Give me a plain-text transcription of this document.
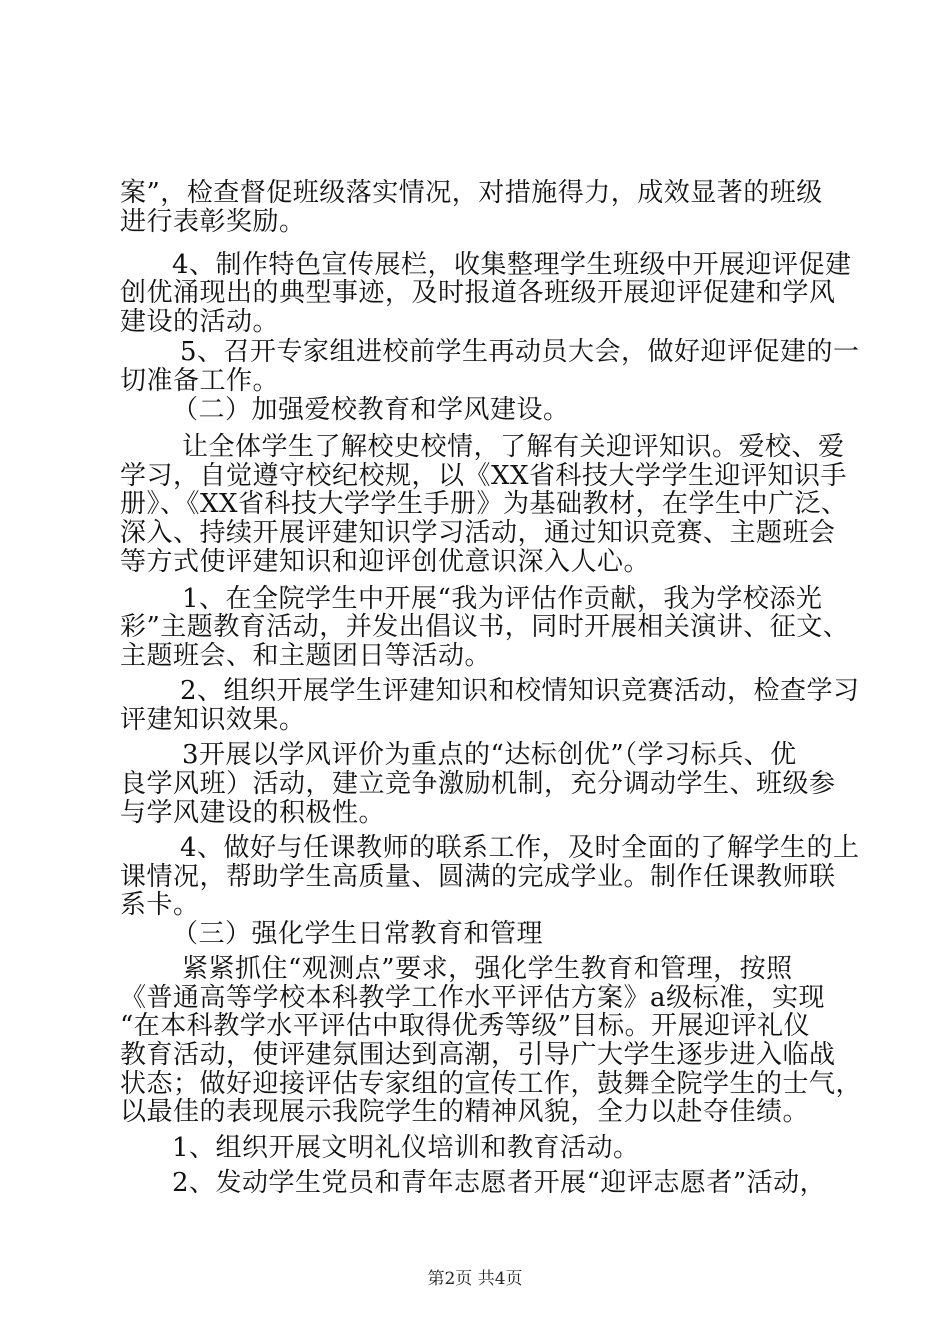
案”，检查督促班级落实情况，对措施得力，成效显著的班级
进行表彰奖励。
4、制作特色宣传展栏，收集整理学生班级中开展迎评促建
创优涌现出的典型事迹，及时报道各班级开展迎评促建和学风
建设的活动。
5、召开专家组进校前学生再动员大会，做好迎评促建的一
切准备工作。
（二）加强爱校教育和学风建设。
让全体学生了解校史校情，了解有关迎评知识。爱校、爱
学习，自觉遵守校纪校规，以《XX省科技大学学生迎评知识手
册》、《XX省科技大学学生手册》为基础教材，在学生中广泛、
深入、持续开展评建知识学习活动，通过知识竞赛、主题班会
等方式使评建知识和迎评创优意识深入人心。
1、在全院学生中开展“我为评估作贡献，我为学校添光
彩”主题教育活动，并发出倡议书，同时开展相关演讲、征文、
主题班会、和主题团日等活动。
2、组织开展学生评建知识和校情知识竞赛活动，检查学习
评建知识效果。
3开展以学风评价为重点的“达标创优”（学习标兵、优
良学风班）活动，建立竞争激励机制，充分调动学生、班级参
与学风建设的积极性。
4、做好与任课教师的联系工作，及时全面的了解学生的上
课情况，帮助学生高质量、圆满的完成学业。制作任课教师联
系卡。
（三）强化学生日常教育和管理
紧紧抓住“观测点”要求，强化学生教育和管理，按照
《普通高等学校本科教学工作水平评估方案》a级标准，实现
“在本科教学水平评估中取得优秀等级”目标。开展迎评礼仪
教育活动，使评建氛围达到高潮，引导广大学生逐步进入临战
状态；做好迎接评估专家组的宣传工作，鼓舞全院学生的士气，
以最佳的表现展示我院学生的精神风貌，全力以赴夺佳绩。
1、组织开展文明礼仪培训和教育活动。
2、发动学生党员和青年志愿者开展“迎评志愿者”活动，
第2页 共4页
